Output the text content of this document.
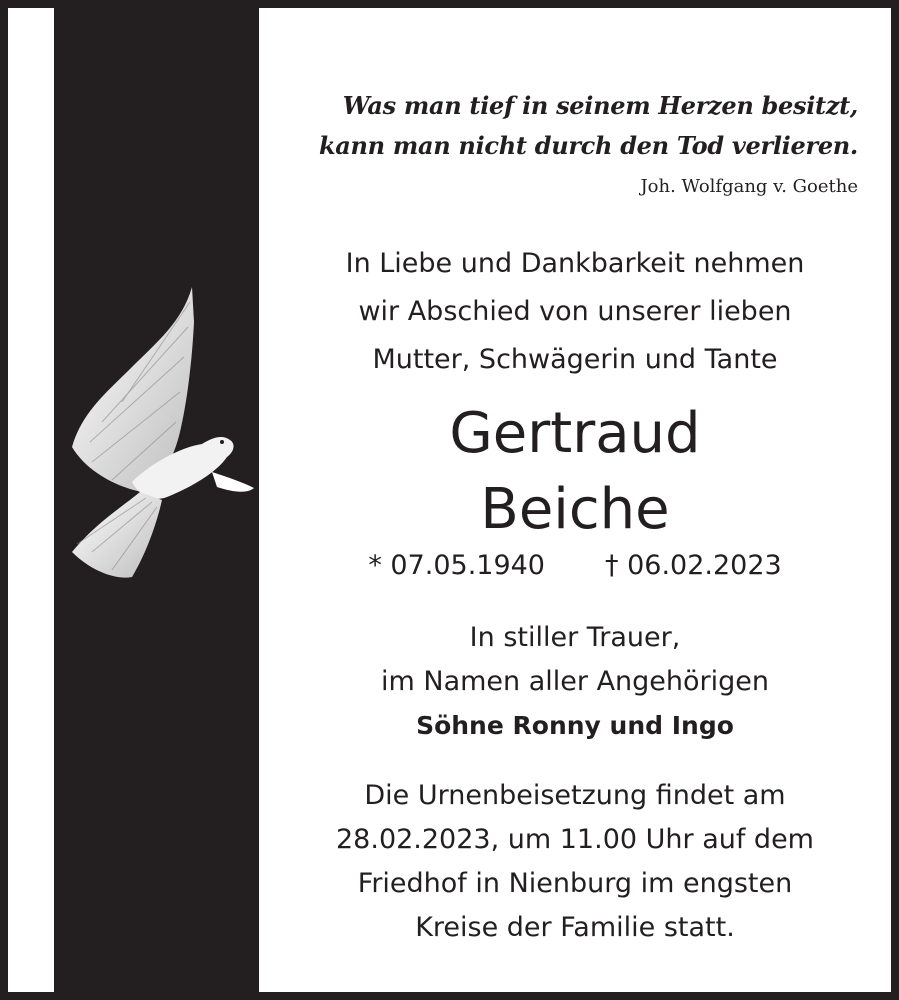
Was man tief in seinem Herzen besitzt,
kann man nicht durch den Tod verlieren.
Joh. Wolfgang v. Goethe
In Liebe und Dankbarkeit nehmen
wir Abschied von unserer lieben
Mutter, Schwägerin und Tante
Gertraud
Beiche
* 07.05.1940 † 06.02.2023
In stiller Trauer,
im Namen aller Angehörigen
Söhne Ronny und Ingo
Die Urnenbeisetzung findet am
28.02.2023, um 11.00 Uhr auf dem
Friedhof in Nienburg im engsten
Kreise der Familie statt.
